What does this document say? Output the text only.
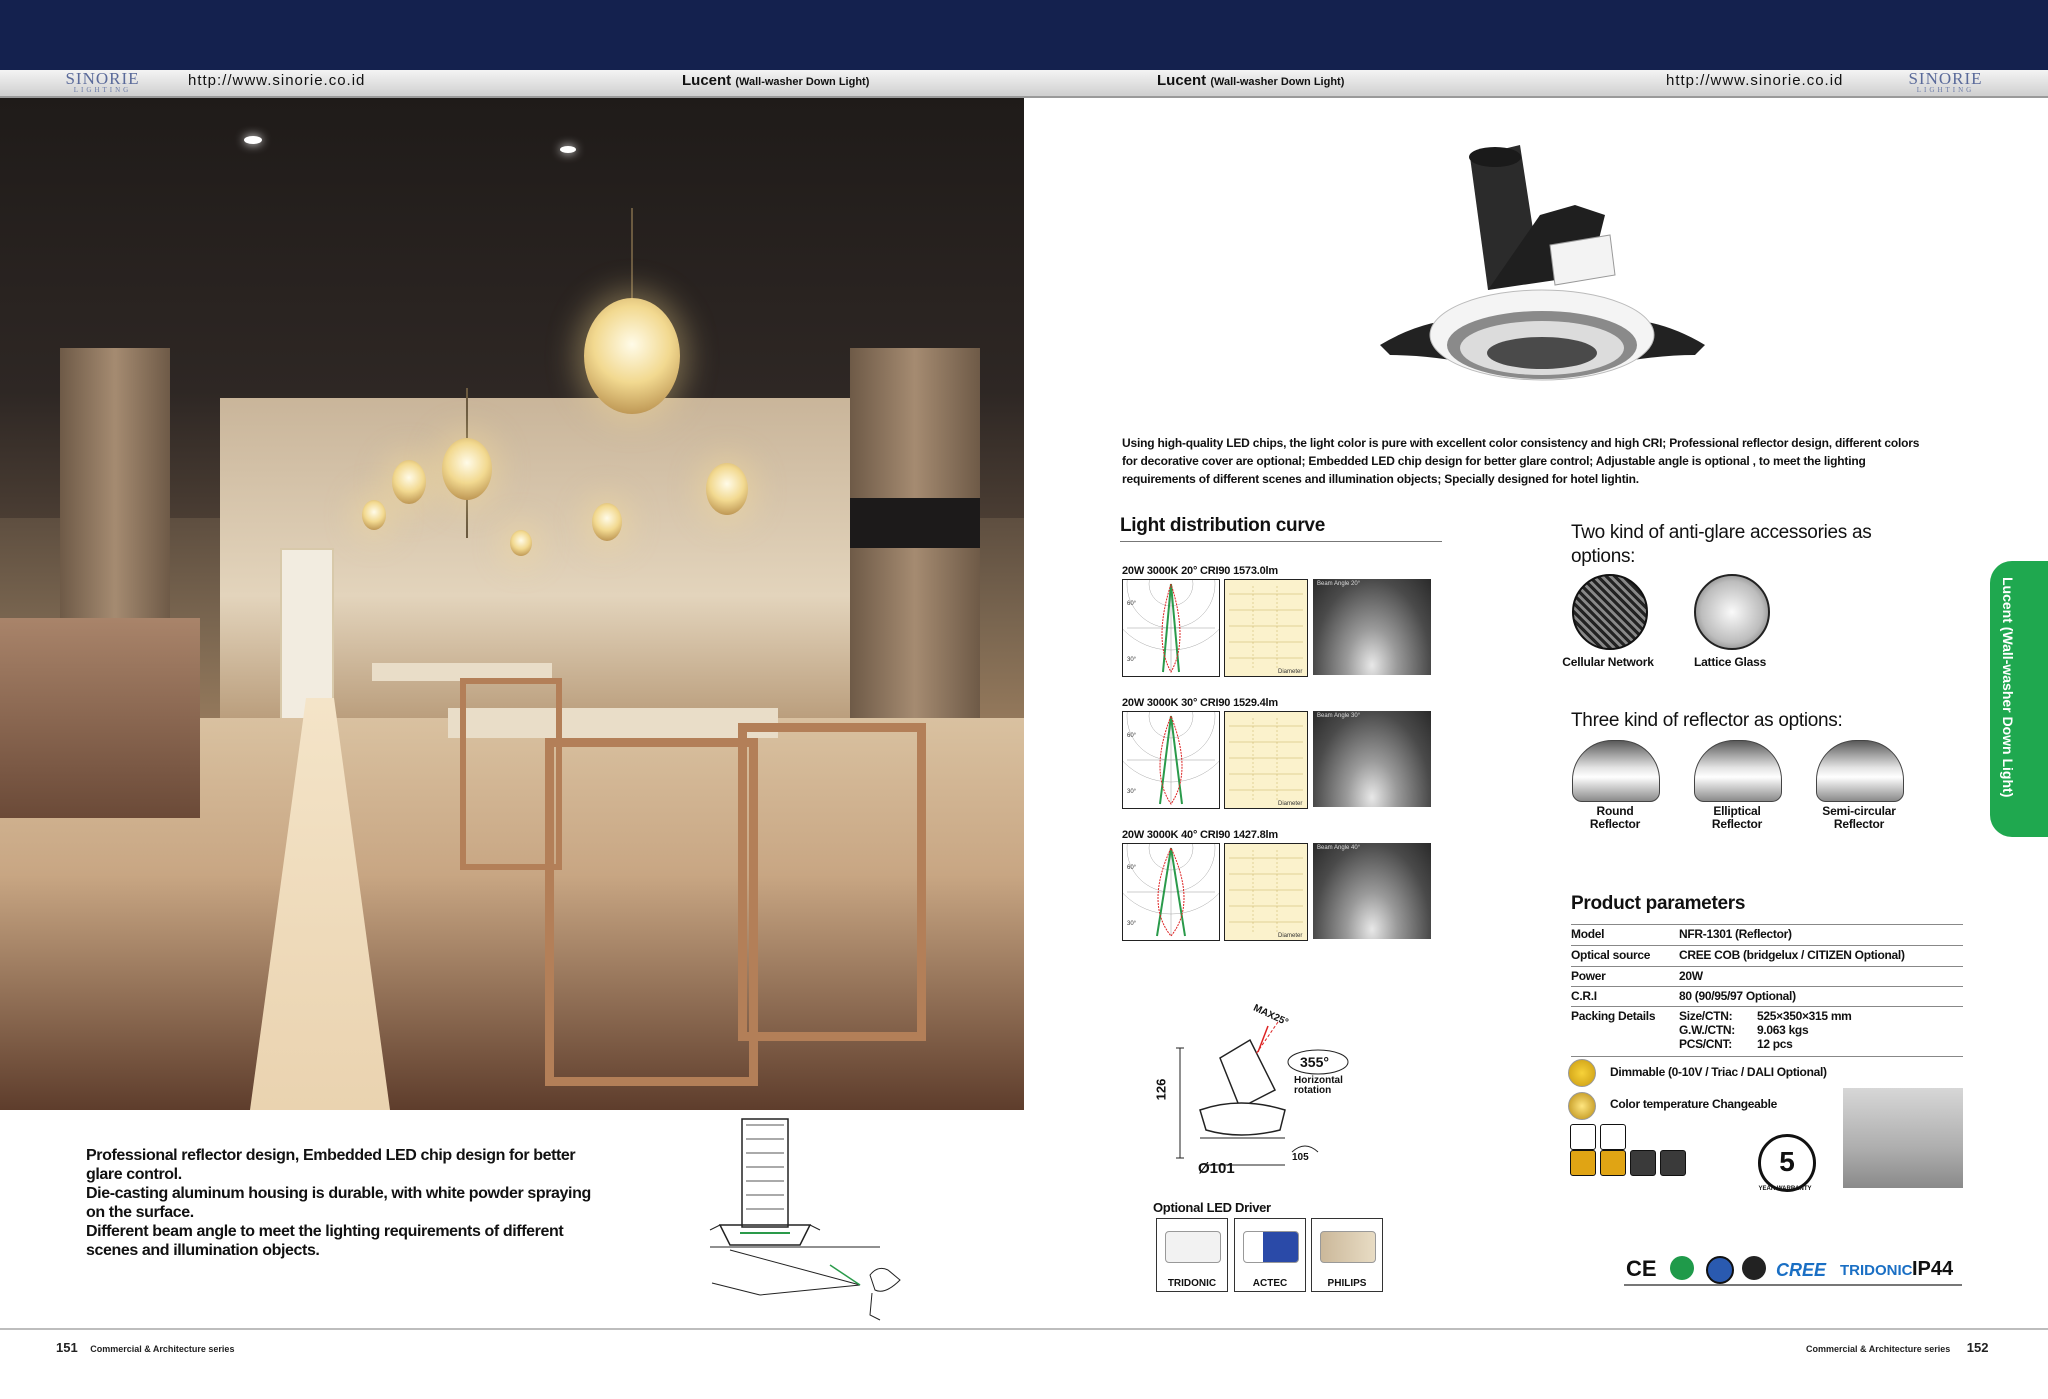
SINORIE
LIGHTING
http://www.sinorie.co.id	Lucent (Wall-washer Down Light)	Lucent (Wall-washer Down Light)	http://www.sinorie.co.id	SINORIE
LIGHTING
Professional reflector design, Embedded LED chip design for better glare control.
Die-casting aluminum housing is durable, with white powder spraying on the surface.
Different beam angle to meet the lighting requirements of different scenes and illumination objects.
Using high-quality LED chips, the light color is pure with excellent color consistency and high CRI; Professional reflector design, different colors for decorative cover are optional; Embedded LED chip design for better glare control; Adjustable angle is optional , to meet the lighting requirements of different scenes and illumination objects; Specially designed for hotel lightin.
Light distribution curve
20W 3000K 20° CRI90 1573.0lm
60°
30°
Diameter
Beam Angle 20°
20W 3000K 30° CRI90 1529.4lm
60°
30°
Diameter
Beam Angle 30°
20W 3000K 40° CRI90 1427.8lm
60°
30°
Diameter
Beam Angle 40°
Two kind of anti-glare accessories as options:
Cellular Network	Lattice Glass
Three kind of reflector as options:
Round
Reflector
Elliptical
Reflector
Semi-circular
Reflector
Lucent (Wall-washer Down Light)
126
Ø101
MAX25°
355°
Horizontal
rotation
105
Optional LED Driver
TRIDONIC	ACTEC	PHILIPS
Product parameters
Model	NFR-1301 (Reflector)
Optical source	CREE COB (bridgelux / CITIZEN Optional)
Power	20W
C.R.I	80 (90/95/97 Optional)
Packing Details	Size/CTN: 525×350×315 mm
G.W./CTN: 9.063 kgs
PCS/CNT: 12 pcs
Dimmable (0-10V / Triac / DALI Optional)
Color temperature Changeable
5
YEAR WARRANTY
CE	CREE TRIDONIC IP44
151 Commercial & Architecture series	Commercial & Architecture series 152
